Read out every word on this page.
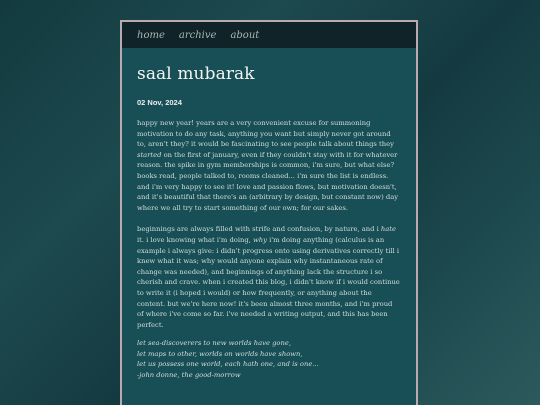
home archive about
saal mubarak
02 Nov, 2024

happy new year! years are a very convenient excuse for summoning motivation to do any task, anything you want but simply never got around to, aren't they? it would be fascinating to see people talk about things they started on the first of january, even if they couldn't stay with it for whatever reason. the spike in gym memberships is common, i'm sure, but what else? books read, people talked to, rooms cleaned... i'm sure the list is endless. and i'm very happy to see it! love and passion flows, but motivation doesn't, and it's beautiful that there's an (arbitrary by design, but constant now) day where we all try to start something of our own; for our sakes.

beginnings are always filled with strife and confusion, by nature, and i hate it. i love knowing what i'm doing, why i'm doing anything (calculus is an example i always give: i didn't progress onto using derivatives correctly till i knew what it was; why would anyone explain why instantaneous rate of change was needed), and beginnings of anything lack the structure i so cherish and crave. when i created this blog, i didn't know if i would continue to write it (i hoped i would) or how frequently, or anything about the content. but we're here now! it's been almost three months, and i'm proud of where i've come so far. i've needed a writing output, and this has been perfect.

let sea-discoverers to new worlds have gone,
let maps to other, worlds on worlds have shown,
let us possess one world, each hath one, and is one...
-john donne, the good-morrow
